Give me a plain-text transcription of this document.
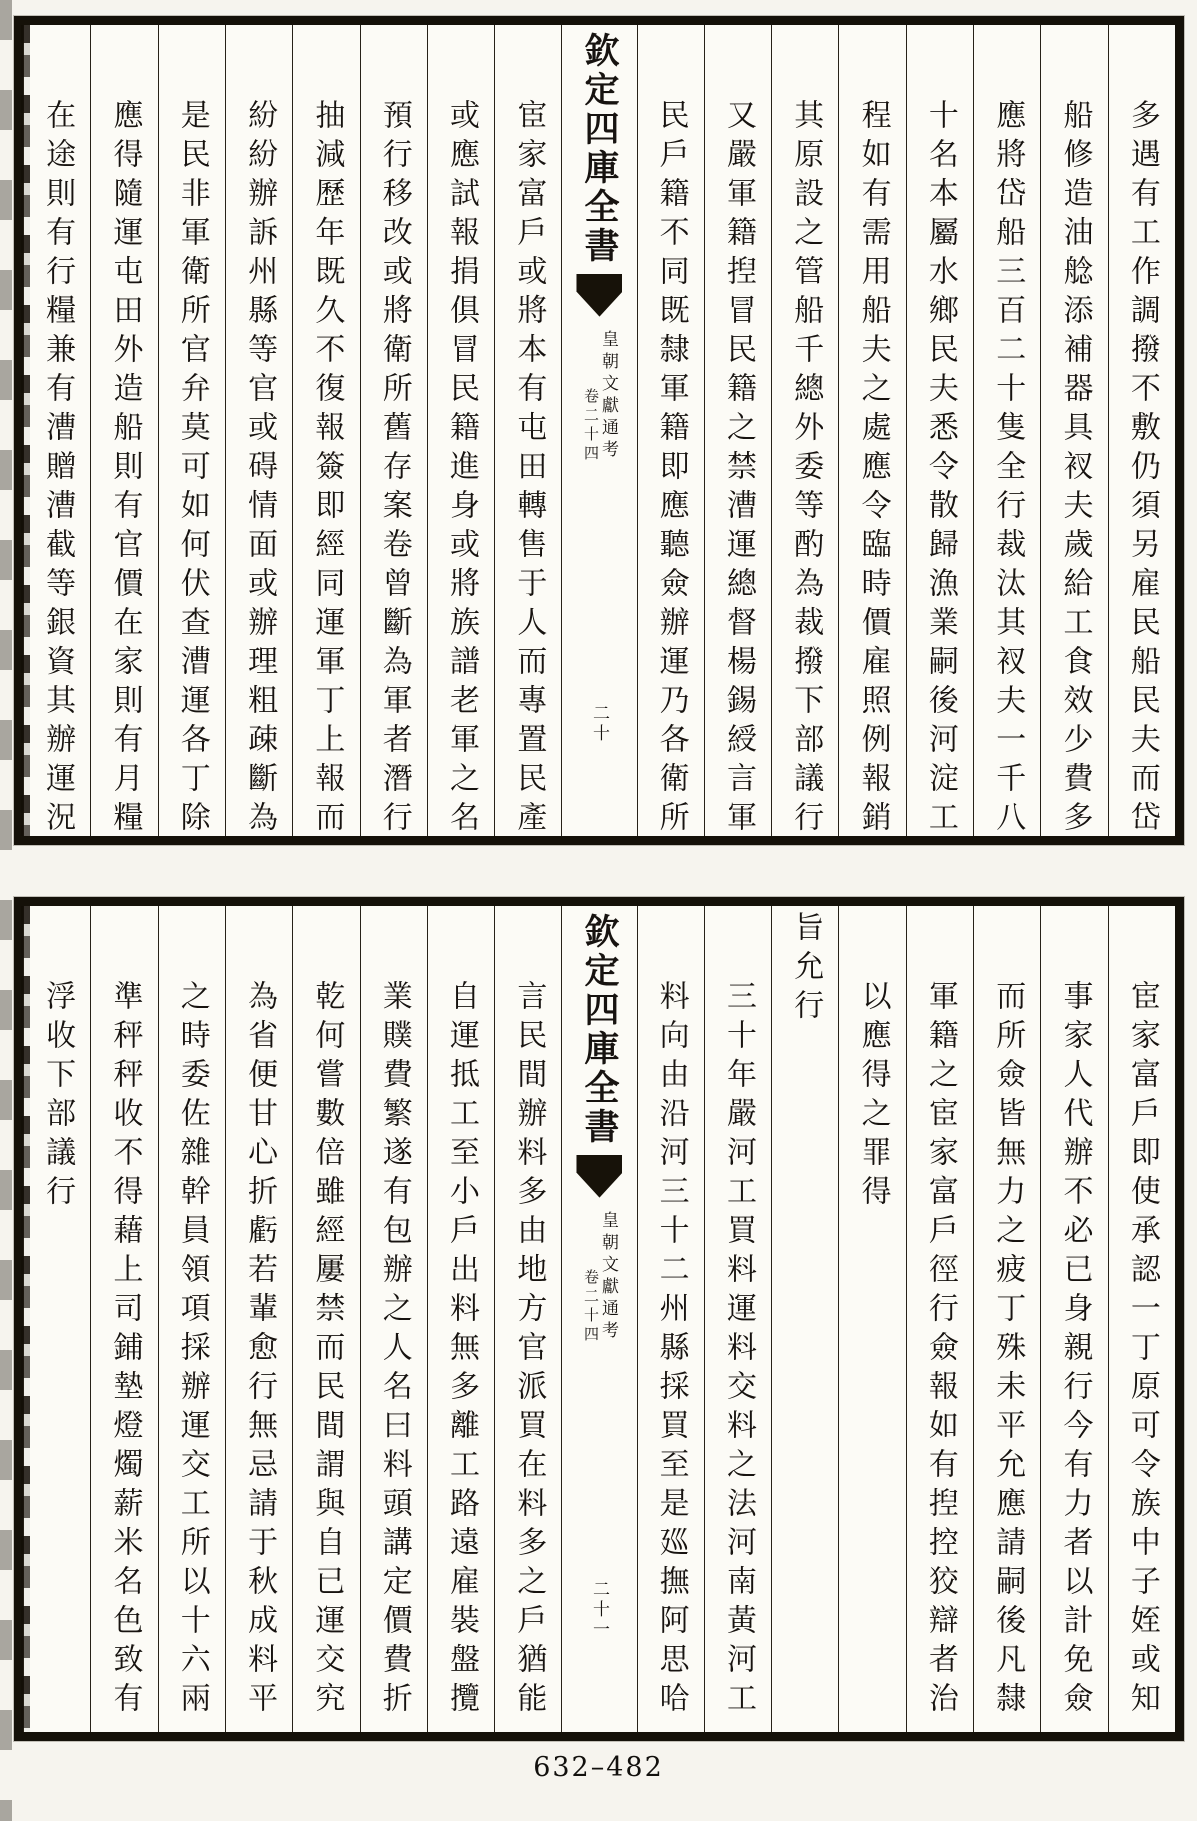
多遇有工作調撥不敷仍須另雇民船民夫而岱
船修造油艌添補器具衩夫歲給工食效少費多
應將岱船三百二十隻全行裁汰其衩夫一千八
十名本屬水鄉民夫悉令散歸漁業嗣後河淀工
程如有需用船夫之處應令臨時價雇照例報銷
其原設之管船千總外委等酌為裁撥下部議行
又嚴軍籍揑冒民籍之禁漕運總督楊錫綬言軍
民戶籍不同既隸軍籍即應聽僉辦運乃各衛所
欽定四庫全書
皇朝文獻通考
卷二十四
二十
宦家富戶或將本有屯田轉售于人而專置民產
或應試報捐俱冒民籍進身或將族譜老軍之名
預行移改或將衛所舊存案卷曾斷為軍者潛行
抽減歷年既久不復報簽即經同運軍丁上報而
紛紛辦訴州縣等官或碍情面或辦理粗疎斷為
是民非軍衛所官弁莫可如何伏查漕運各丁除
應得隨運屯田外造船則有官價在家則有月糧
在途則有行糧兼有漕贈漕截等銀資其辦運況
宦家富戶即使承認一丁原可令族中子姪或知
事家人代辦不必已身親行今有力者以計免僉
而所僉皆無力之疲丁殊未平允應請嗣後凡隸
軍籍之宦家富戶徑行僉報如有揑控狡辯者治
以應得之罪得
旨允行
三十年嚴河工買料運料交料之法河南黃河工
料向由沿河三十二州縣採買至是廵撫阿思哈
欽定四庫全書
皇朝文獻通考
卷二十四
二十一
言民間辦料多由地方官派買在料多之戶猶能
自運抵工至小戶出料無多離工路遠雇裝盤攬
業贌費繁遂有包辦之人名曰料頭講定價費折
乾何嘗數倍雖經屢禁而民間謂與自已運交究
為省便甘心折虧若輩愈行無忌請于秋成料平
之時委佐雜幹員領項採辦運交工所以十六兩
準秤秤收不得藉上司鋪墊燈燭薪米名色致有
浮收下部議行
632–482
